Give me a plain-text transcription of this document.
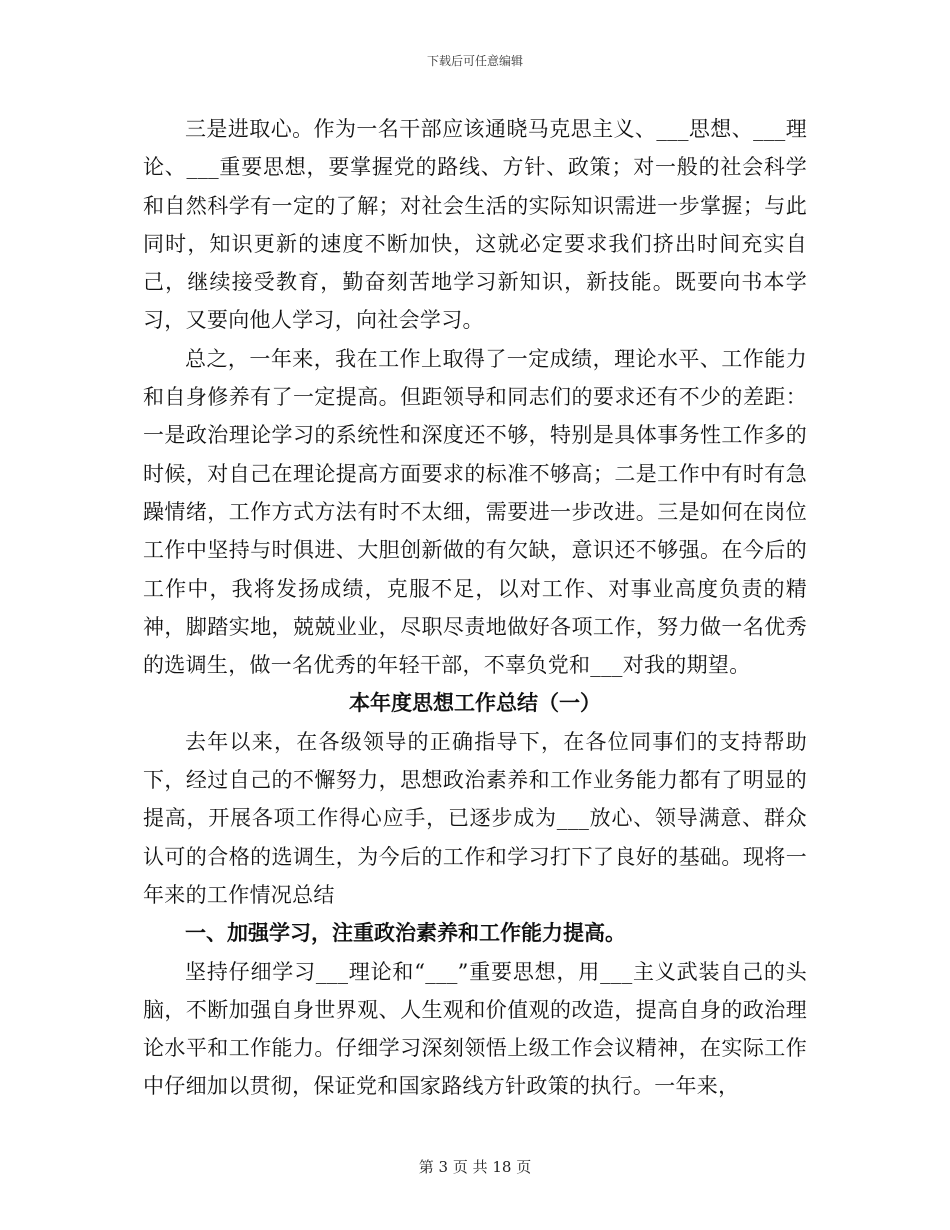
下载后可任意编辑

三是进取心。作为一名干部应该通晓马克思主义、___思想、___理论、___重要思想，要掌握党的路线、方针、政策；对一般的社会科学和自然科学有一定的了解；对社会生活的实际知识需进一步掌握；与此同时，知识更新的速度不断加快，这就必定要求我们挤出时间充实自己，继续接受教育，勤奋刻苦地学习新知识，新技能。既要向书本学习，又要向他人学习，向社会学习。

总之，一年来，我在工作上取得了一定成绩，理论水平、工作能力和自身修养有了一定提高。但距领导和同志们的要求还有不少的差距：一是政治理论学习的系统性和深度还不够，特别是具体事务性工作多的时候，对自己在理论提高方面要求的标准不够高；二是工作中有时有急躁情绪，工作方式方法有时不太细，需要进一步改进。三是如何在岗位工作中坚持与时俱进、大胆创新做的有欠缺，意识还不够强。在今后的工作中，我将发扬成绩，克服不足，以对工作、对事业高度负责的精神，脚踏实地，兢兢业业，尽职尽责地做好各项工作，努力做一名优秀的选调生，做一名优秀的年轻干部，不辜负党和___对我的期望。

本年度思想工作总结（一）

去年以来，在各级领导的正确指导下，在各位同事们的支持帮助下，经过自己的不懈努力，思想政治素养和工作业务能力都有了明显的提高，开展各项工作得心应手，已逐步成为___放心、领导满意、群众认可的合格的选调生，为今后的工作和学习打下了良好的基础。现将一年来的工作情况总结

一、加强学习，注重政治素养和工作能力提高。

坚持仔细学习___理论和“___”重要思想，用___主义武装自己的头脑，不断加强自身世界观、人生观和价值观的改造，提高自身的政治理论水平和工作能力。仔细学习深刻领悟上级工作会议精神，在实际工作中仔细加以贯彻，保证党和国家路线方针政策的执行。一年来，

第 3 页 共 18 页
